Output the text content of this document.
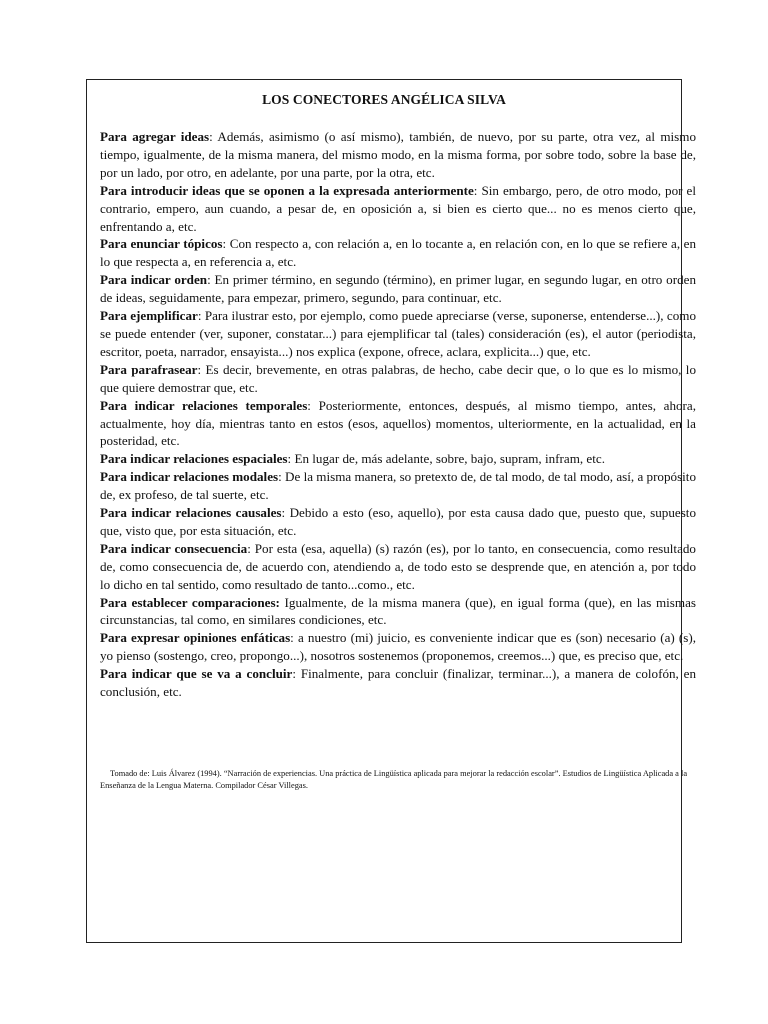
LOS CONECTORES ANGÉLICA SILVA

Para agregar ideas: Además, asimismo (o así mismo), también, de nuevo, por su parte, otra vez, al mismo tiempo, igualmente, de la misma manera, del mismo modo, en la misma forma, por sobre todo, sobre la base de, por un lado, por otro, en adelante, por una parte, por la otra, etc.

Para introducir ideas que se oponen a la expresada anteriormente: Sin embargo, pero, de otro modo, por el contrario, empero, aun cuando, a pesar de, en oposición a, si bien es cierto que... no es menos cierto que, enfrentando a, etc.

Para enunciar tópicos: Con respecto a, con relación a, en lo tocante a, en relación con, en lo que se refiere a, en lo que respecta a, en referencia a, etc.

Para indicar orden: En primer término, en segundo (término), en primer lugar, en segundo lugar, en otro orden de ideas, seguidamente, para empezar, primero, segundo, para continuar, etc.

Para ejemplificar: Para ilustrar esto, por ejemplo, como puede apreciarse (verse, suponerse, entenderse...), como se puede entender (ver, suponer, constatar...) para ejemplificar tal (tales) consideración (es), el autor (periodista, escritor, poeta, narrador, ensayista...) nos explica (expone, ofrece, aclara, explicita...) que, etc.

Para parafrasear: Es decir, brevemente, en otras palabras, de hecho, cabe decir que, o lo que es lo mismo, lo que quiere demostrar que, etc.

Para indicar relaciones temporales: Posteriormente, entonces, después, al mismo tiempo, antes, ahora, actualmente, hoy día, mientras tanto en estos (esos, aquellos) momentos, ulteriormente, en la actualidad, en la posteridad, etc.

Para indicar relaciones espaciales: En lugar de, más adelante, sobre, bajo, supram, infram, etc.

Para indicar relaciones modales: De la misma manera, so pretexto de, de tal modo, de tal modo, así, a propósito de, ex profeso, de tal suerte, etc.

Para indicar relaciones causales: Debido a esto (eso, aquello), por esta causa dado que, puesto que, supuesto que, visto que, por esta situación, etc.

Para indicar consecuencia: Por esta (esa, aquella) (s) razón (es), por lo tanto, en consecuencia, como resultado de, como consecuencia de, de acuerdo con, atendiendo a, de todo esto se desprende que, en atención a, por todo lo dicho en tal sentido, como resultado de tanto...como., etc.

Para establecer comparaciones: Igualmente, de la misma manera (que), en igual forma (que), en las mismas circunstancias, tal como, en similares condiciones, etc.

Para expresar opiniones enfáticas: a nuestro (mi) juicio, es conveniente indicar que es (son) necesario (a) (s), yo pienso (sostengo, creo, propongo...), nosotros sostenemos (proponemos, creemos...) que, es preciso que, etc.

Para indicar que se va a concluir: Finalmente, para concluir (finalizar, terminar...), a manera de colofón, en conclusión, etc.

Tomado de: Luis Álvarez (1994). “Narración de experiencias. Una práctica de Lingüística aplicada para mejorar la redacción escolar”. Estudios de Lingüística Aplicada a la Enseñanza de la Lengua Materna. Compilador César Villegas.
